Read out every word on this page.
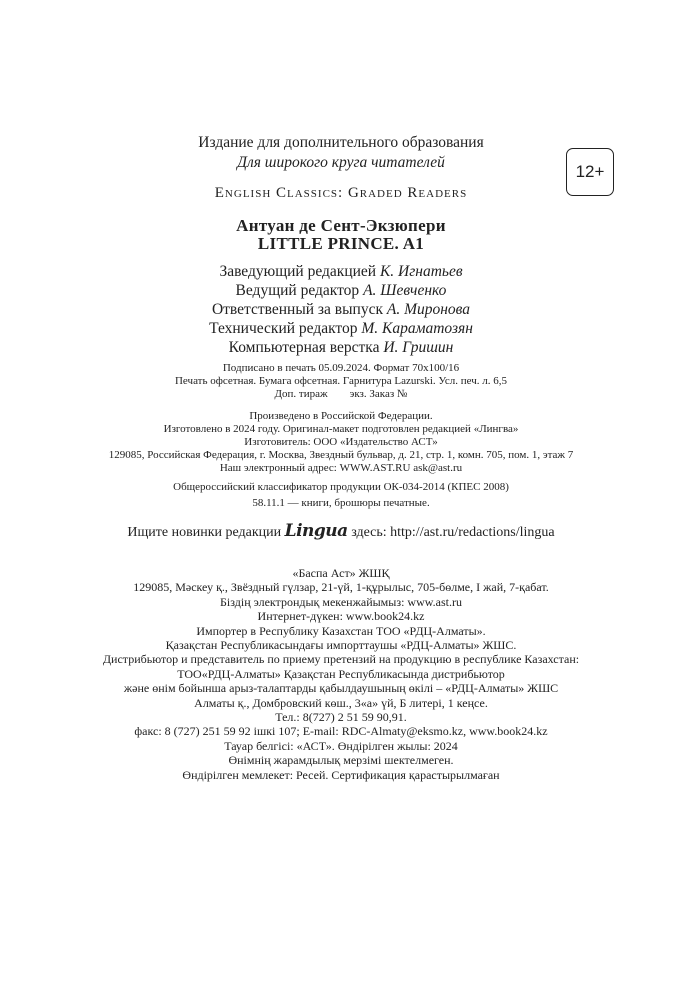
Издание для дополнительного образования
Для широкого круга читателей	12+
English Classics: Graded Readers
Антуан де Сент-Экзюпери
LITTLE PRINCE. A1
Заведующий редакцией К. Игнатьев
Ведущий редактор А. Шевченко
Ответственный за выпуск А. Миронова
Технический редактор М. Караматозян
Компьютерная верстка И. Гришин
Подписано в печать 05.09.2024. Формат 70x100/16
Печать офсетная. Бумага офсетная. Гарнитура Lazurski. Усл. печ. л. 6,5
Доп. тираж        экз. Заказ №
Произведено в Российской Федерации.
Изготовлено в 2024 году. Оригинал-макет подготовлен редакцией «Лингва»
Изготовитель: ООО «Издательство АСТ»
129085, Российская Федерация, г. Москва, Звездный бульвар, д. 21, стр. 1, комн. 705, пом. 1, этаж 7
Наш электронный адрес: WWW.AST.RU ask@ast.ru
Общероссийский классификатор продукции ОК-034-2014 (КПЕС 2008)
58.11.1 — книги, брошюры печатные.
Ищите новинки редакции Lingua здесь: http://ast.ru/redactions/lingua
«Баспа Аст» ЖШҚ
129085, Мәскеу қ., Звёздный гүлзар, 21-үй, 1-құрылыс, 705-бөлме, I жай, 7-қабат.
Біздің электрондық мекенжайымыз: www.ast.ru
Интернет-дүкен: www.book24.kz
Импортер в Республику Казахстан ТОО «РДЦ-Алматы».
Қазақстан Республикасындағы импорттаушы «РДЦ-Алматы» ЖШС.
Дистрибьютор и представитель по приему претензий на продукцию в республике Казахстан:
ТОО«РДЦ-Алматы» Қазақстан Республикасында дистрибьютор
және өнім бойынша арыз-талаптарды қабылдаушының өкілі – «РДЦ-Алматы» ЖШС
Алматы қ., Домбровский көш., 3«а» үй, Б литері, 1 кеңсе.
Тел.: 8(727) 2 51 59 90,91.
факс: 8 (727) 251 59 92 ішкі 107; E-mail: RDC-Almaty@eksmo.kz, www.book24.kz
Тауар белгісі: «АСТ». Өндірілген жылы: 2024
Өнімнің жарамдылық мерзімі шектелмеген.
Өндірілген мемлекет: Ресей. Сертификация қарастырылмаған
